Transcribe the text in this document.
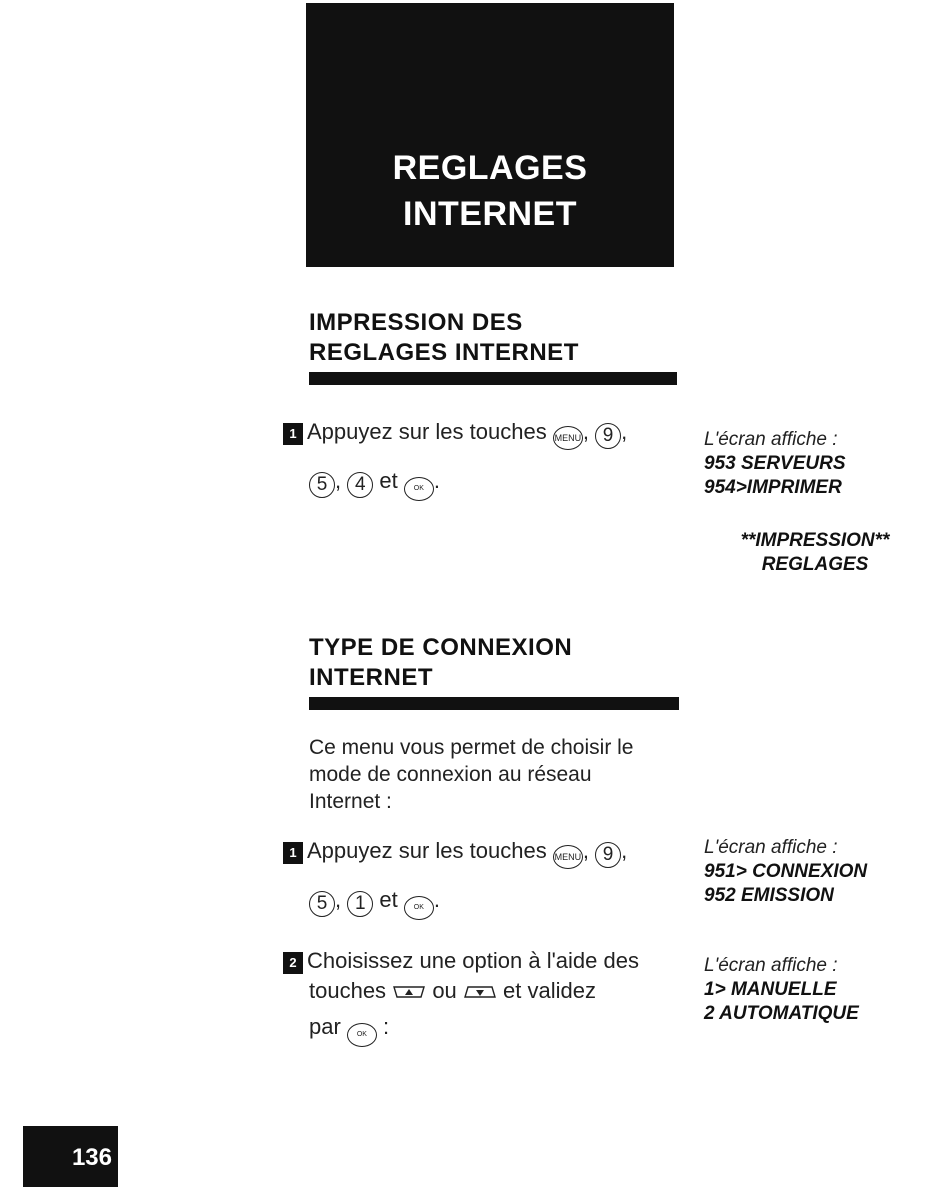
REGLAGES
INTERNET
IMPRESSION DES
REGLAGES INTERNET
1 Appuyez sur les touches MENU, 9 ,
5 , 4 et OK .
L'écran affiche :
953 SERVEURS
954>IMPRIMER
**IMPRESSION**
REGLAGES
TYPE DE CONNEXION
INTERNET
Ce menu vous permet de choisir le
mode de connexion au réseau
Internet :
1 Appuyez sur les touches MENU, 9 ,
5 , 1 et OK .
L'écran affiche :
951> CONNEXION
952 EMISSION
2 Choisissez une option à l'aide des
touches ou et validez
par OK :
L'écran affiche :
1> MANUELLE
2 AUTOMATIQUE
136
